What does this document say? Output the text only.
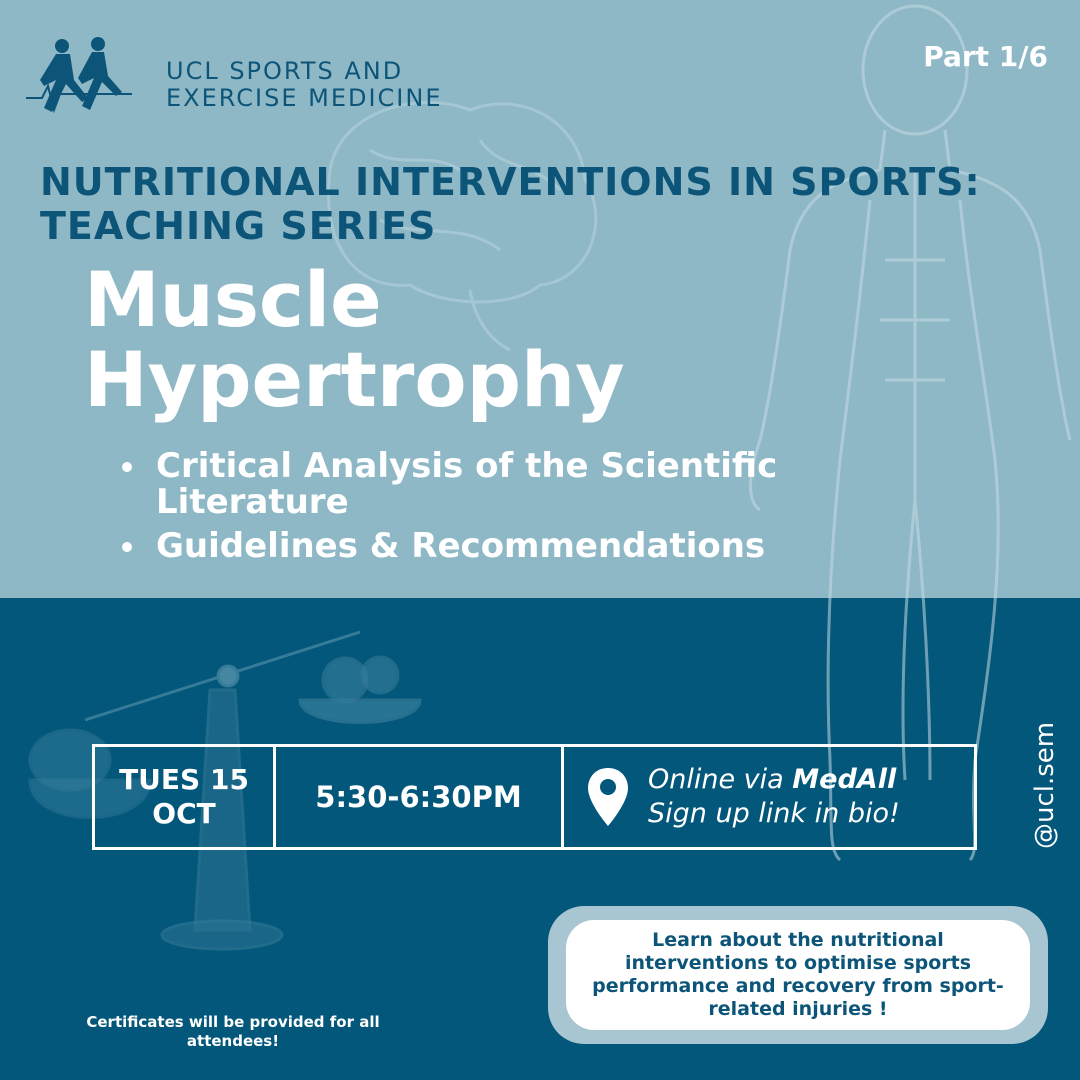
UCL SPORTS AND
EXERCISE MEDICINE
Part 1/6
NUTRITIONAL INTERVENTIONS IN SPORTS:
TEACHING SERIES
Muscle
Hypertrophy
Critical Analysis of the Scientific Literature
Guidelines & Recommendations
TUES 15
OCT	5:30-6:30PM
Online via MedAll
Sign up link in bio!	@ucl.sem
Learn about the nutritional interventions to optimise sports performance and recovery from sport-related injuries !
Certificates will be provided for all attendees!
